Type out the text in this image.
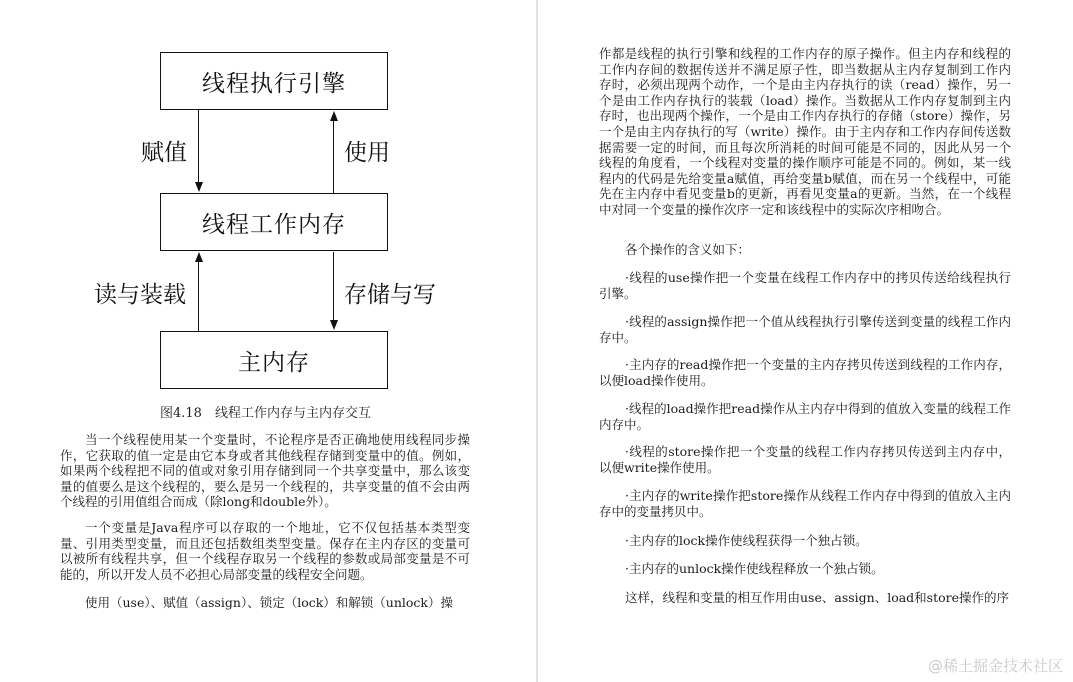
线程执行引擎
线程工作内存
主内存
赋值	使用
读与装载	存储与写
图4.18　线程工作内存与主内存交互

当一个线程使用某一个变量时，不论程序是否正确地使用线程同步操作，它获取的值一定是由它本身或者其他线程存储到变量中的值。例如，如果两个线程把不同的值或对象引用存储到同一个共享变量中，那么该变量的值要么是这个线程的，要么是另一个线程的，共享变量的值不会由两个线程的引用值组合而成（除long和double外）。

一个变量是Java程序可以存取的一个地址，它不仅包括基本类型变量、引用类型变量，而且还包括数组类型变量。保存在主内存区的变量可以被所有线程共享，但一个线程存取另一个线程的参数或局部变量是不可能的，所以开发人员不必担心局部变量的线程安全问题。

使用（use）、赋值（assign）、锁定（lock）和解锁（unlock）操

作都是线程的执行引擎和线程的工作内存的原子操作。但主内存和线程的工作内存间的数据传送并不满足原子性，即当数据从主内存复制到工作内存时，必须出现两个动作，一个是由主内存执行的读（read）操作，另一个是由工作内存执行的装载（load）操作。当数据从工作内存复制到主内存时，也出现两个操作，一个是由工作内存执行的存储（store）操作，另一个是由主内存执行的写（write）操作。由于主内存和工作内存间传送数据需要一定的时间，而且每次所消耗的时间可能是不同的，因此从另一个线程的角度看，一个线程对变量的操作顺序可能是不同的。例如，某一线程内的代码是先给变量a赋值，再给变量b赋值，而在另一个线程中，可能先在主内存中看见变量b的更新，再看见变量a的更新。当然，在一个线程中对同一个变量的操作次序一定和该线程中的实际次序相吻合。

各个操作的含义如下：

·线程的use操作把一个变量在线程工作内存中的拷贝传送给线程执行引擎。

·线程的assign操作把一个值从线程执行引擎传送到变量的线程工作内存中。

·主内存的read操作把一个变量的主内存拷贝传送到线程的工作内存，以便load操作使用。

·线程的load操作把read操作从主内存中得到的值放入变量的线程工作内存中。

·线程的store操作把一个变量的线程工作内存拷贝传送到主内存中，以便write操作使用。

·主内存的write操作把store操作从线程工作内存中得到的值放入主内存中的变量拷贝中。

·主内存的lock操作使线程获得一个独占锁。

·主内存的unlock操作使线程释放一个独占锁。

这样，线程和变量的相互作用由use、assign、load和store操作的序

@稀土掘金技术社区
